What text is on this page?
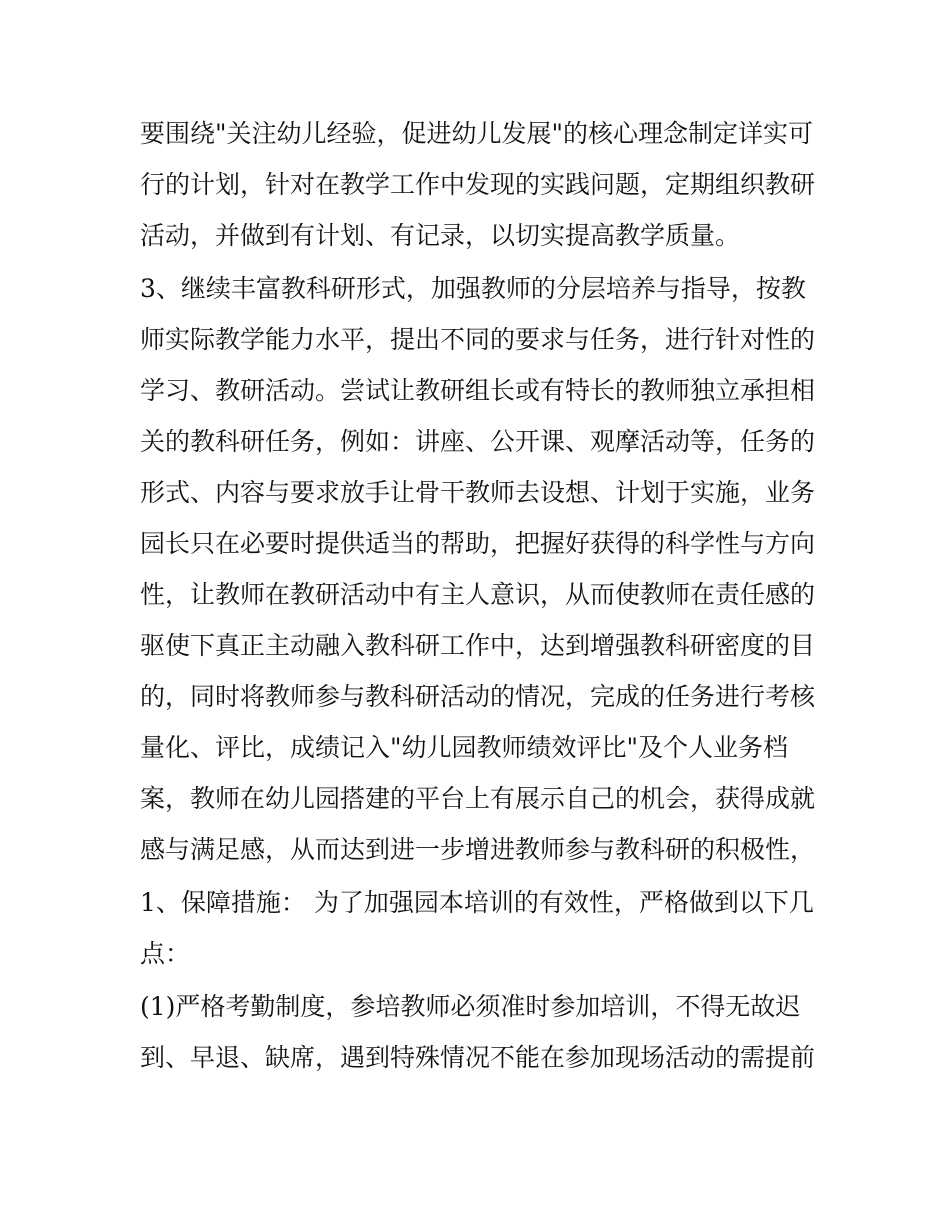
要围绕"关注幼儿经验，促进幼儿发展"的核心理念制定详实可
行的计划，针对在教学工作中发现的实践问题，定期组织教研
活动，并做到有计划、有记录，以切实提高教学质量。
3、继续丰富教科研形式，加强教师的分层培养与指导，按教
师实际教学能力水平，提出不同的要求与任务，进行针对性的
学习、教研活动。尝试让教研组长或有特长的教师独立承担相
关的教科研任务，例如：讲座、公开课、观摩活动等，任务的
形式、内容与要求放手让骨干教师去设想、计划于实施，业务
园长只在必要时提供适当的帮助，把握好获得的科学性与方向
性，让教师在教研活动中有主人意识，从而使教师在责任感的
驱使下真正主动融入教科研工作中，达到增强教科研密度的目
的，同时将教师参与教科研活动的情况，完成的任务进行考核
量化、评比，成绩记入"幼儿园教师绩效评比"及个人业务档
案，教师在幼儿园搭建的平台上有展示自己的机会，获得成就
感与满足感，从而达到进一步增进教师参与教科研的积极性，
1、保障措施： 为了加强园本培训的有效性，严格做到以下几
点：
(1)严格考勤制度，参培教师必须准时参加培训，不得无故迟
到、早退、缺席，遇到特殊情况不能在参加现场活动的需提前
